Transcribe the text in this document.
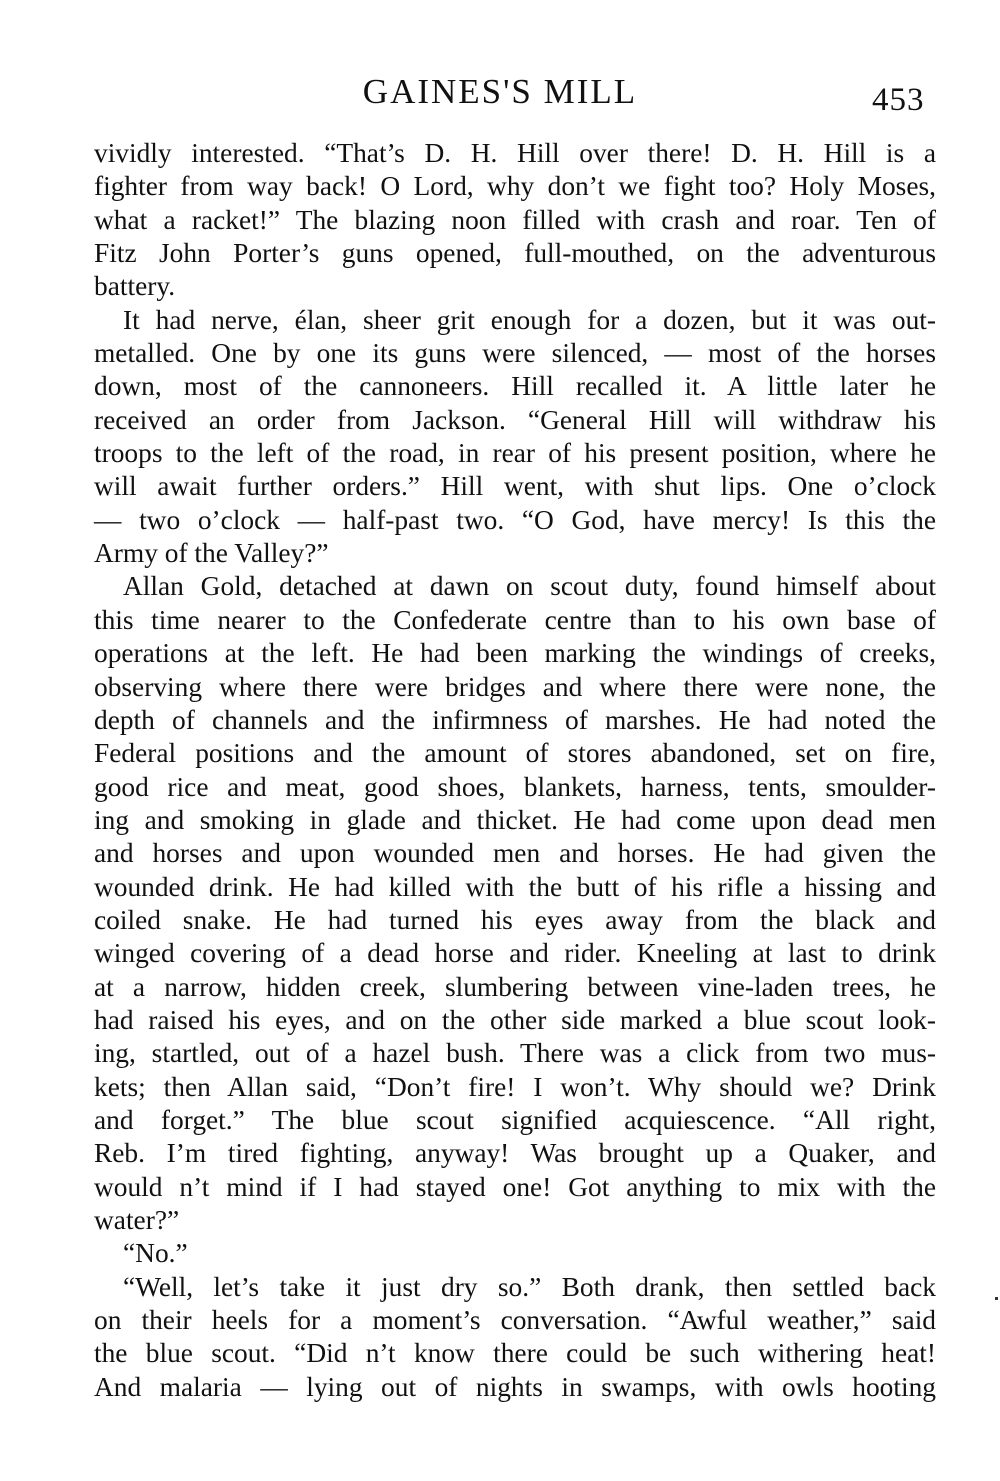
GAINES'S MILL	453
vividly interested. “That’s D. H. Hill over there! D. H. Hill is a
fighter from way back! O Lord, why don’t we fight too? Holy Moses,
what a racket!” The blazing noon filled with crash and roar. Ten of
Fitz John Porter’s guns opened, full-mouthed, on the adventurous
battery.
It had nerve, élan, sheer grit enough for a dozen, but it was out-
metalled. One by one its guns were silenced, — most of the horses
down, most of the cannoneers. Hill recalled it. A little later he
received an order from Jackson. “General Hill will withdraw his
troops to the left of the road, in rear of his present position, where he
will await further orders.” Hill went, with shut lips. One o’clock
— two o’clock — half-past two. “O God, have mercy! Is this the
Army of the Valley?”
Allan Gold, detached at dawn on scout duty, found himself about
this time nearer to the Confederate centre than to his own base of
operations at the left. He had been marking the windings of creeks,
observing where there were bridges and where there were none, the
depth of channels and the infirmness of marshes. He had noted the
Federal positions and the amount of stores abandoned, set on fire,
good rice and meat, good shoes, blankets, harness, tents, smoulder-
ing and smoking in glade and thicket. He had come upon dead men
and horses and upon wounded men and horses. He had given the
wounded drink. He had killed with the butt of his rifle a hissing and
coiled snake. He had turned his eyes away from the black and
winged covering of a dead horse and rider. Kneeling at last to drink
at a narrow, hidden creek, slumbering between vine-laden trees, he
had raised his eyes, and on the other side marked a blue scout look-
ing, startled, out of a hazel bush. There was a click from two mus-
kets; then Allan said, “Don’t fire! I won’t. Why should we? Drink
and forget.” The blue scout signified acquiescence. “All right,
Reb. I’m tired fighting, anyway! Was brought up a Quaker, and
would n’t mind if I had stayed one! Got anything to mix with the
water?”
“No.”
“Well, let’s take it just dry so.” Both drank, then settled back
on their heels for a moment’s conversation. “Awful weather,” said
the blue scout. “Did n’t know there could be such withering heat!
And malaria — lying out of nights in swamps, with owls hooting
